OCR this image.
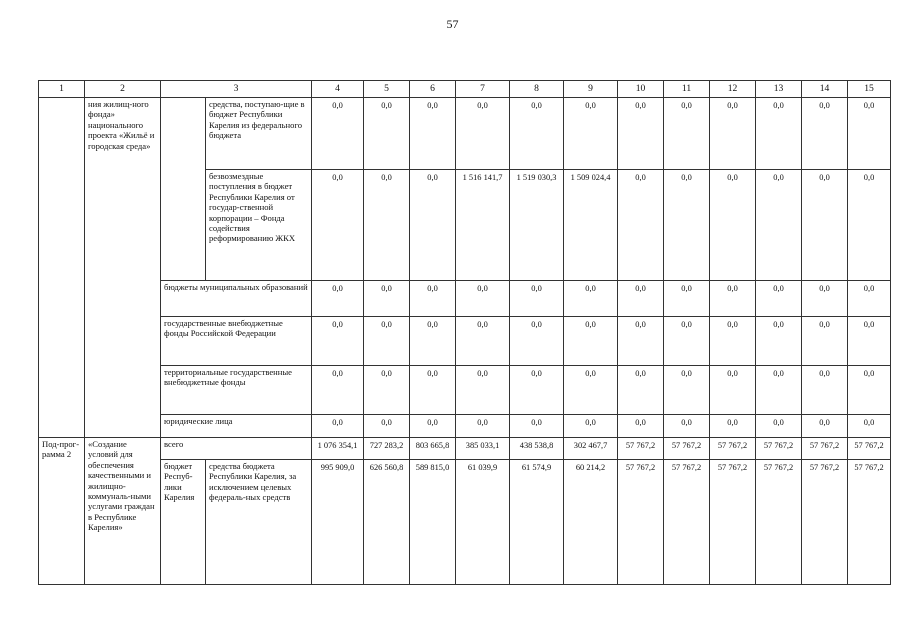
57
1	2	3		4	5	6	7	8	9	10	11	12	13	14	15
	ния жилищ-ного фонда» национального проекта «Жильё и городская среда»		средства, поступаю-щие в бюджет Республики Карелия из федерального бюджета	0,0	0,0	0,0	0,0	0,0	0,0	0,0	0,0	0,0	0,0	0,0	0,0
			безвозмездные поступления в бюджет Республики Карелия от государ-ственной корпорации – Фонда содействия реформированию ЖКХ	0,0	0,0	0,0	1 516 141,7	1 519 030,3	1 509 024,4	0,0	0,0	0,0	0,0	0,0	0,0
		бюджеты муниципальных образований		0,0	0,0	0,0	0,0	0,0	0,0	0,0	0,0	0,0	0,0	0,0	0,0
		государственные внебюджетные фонды Российской Федерации		0,0	0,0	0,0	0,0	0,0	0,0	0,0	0,0	0,0	0,0	0,0	0,0
		территориальные государственные внебюджетные фонды		0,0	0,0	0,0	0,0	0,0	0,0	0,0	0,0	0,0	0,0	0,0	0,0
		юридические лица		0,0	0,0	0,0	0,0	0,0	0,0	0,0	0,0	0,0	0,0	0,0	0,0
Под-прог-рамма 2	«Создание условий для обеспечения качественными и жилищно-коммуналь-ными услугами граждан в Республике Карелия»	всего		1 076 354,1	727 283,2	803 665,8	385 033,1	438 538,8	302 467,7	57 767,2	57 767,2	57 767,2	57 767,2	57 767,2	57 767,2
		бюджет Респуб-лики Карелия	средства бюджета Республики Карелия, за исключением целевых федераль-ных средств	995 909,0	626 560,8	589 815,0	61 039,9	61 574,9	60 214,2	57 767,2	57 767,2	57 767,2	57 767,2	57 767,2	57 767,2
